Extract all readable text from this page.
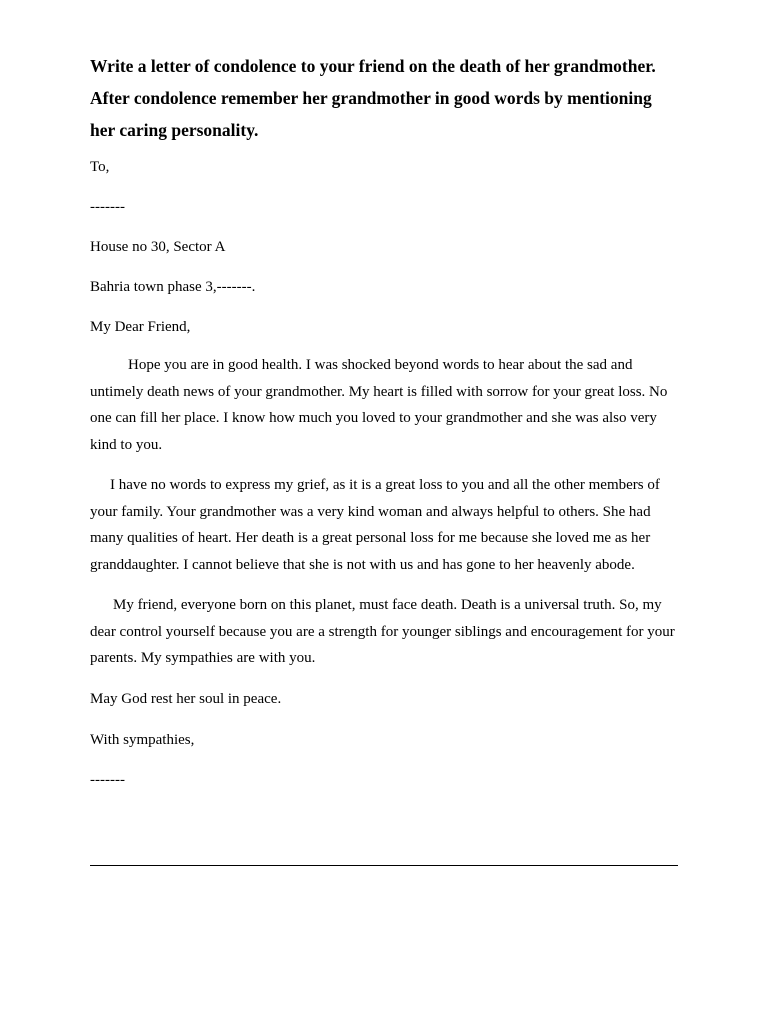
Write a letter of condolence to your friend on the death of her grandmother.
After condolence remember her grandmother in good words by mentioning
her caring personality.
To,
-------
House no 30, Sector A
Bahria town phase 3,-------.
My Dear Friend,

Hope you are in good health. I was shocked beyond words to hear about the sad and untimely death news of your grandmother. My heart is filled with sorrow for your great loss. No one can fill her place. I know how much you loved to your grandmother and she was also very kind to you.

I have no words to express my grief, as it is a great loss to you and all the other members of your family. Your grandmother was a very kind woman and always helpful to others. She had many qualities of heart. Her death is a great personal loss for me because she loved me as her granddaughter. I cannot believe that she is not with us and has gone to her heavenly abode.

My friend, everyone born on this planet, must face death. Death is a universal truth. So, my dear control yourself because you are a strength for younger siblings and encouragement for your parents. My sympathies are with you.

May God rest her soul in peace.
With sympathies,
-------
